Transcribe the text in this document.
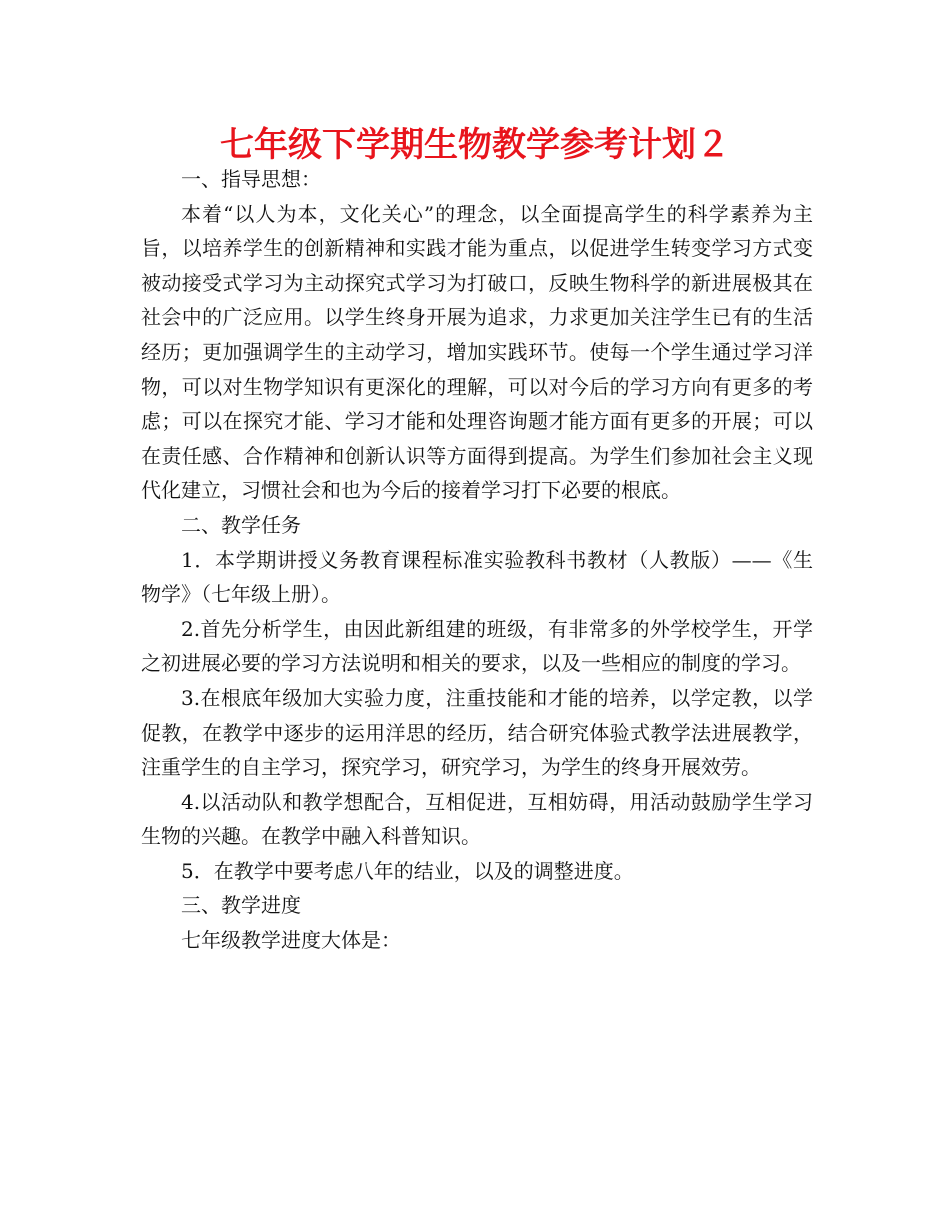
七年级下学期生物教学参考计划２

一、指导思想：

本着“以人为本，文化关心”的理念，以全面提高学生的科学素养为主旨，以培养学生的创新精神和实践才能为重点，以促进学生转变学习方式变被动接受式学习为主动探究式学习为打破口，反映生物科学的新进展极其在社会中的广泛应用。以学生终身开展为追求，力求更加关注学生已有的生活经历；更加强调学生的主动学习，增加实践环节。使每一个学生通过学习洋物，可以对生物学知识有更深化的理解，可以对今后的学习方向有更多的考虑；可以在探究才能、学习才能和处理咨询题才能方面有更多的开展；可以在责任感、合作精神和创新认识等方面得到提高。为学生们参加社会主义现代化建立，习惯社会和也为今后的接着学习打下必要的根底。

二、教学任务

1．本学期讲授义务教育课程标准实验教科书教材（人教版）——《生物学》（七年级上册）。

2.首先分析学生，由因此新组建的班级，有非常多的外学校学生，开学之初进展必要的学习方法说明和相关的要求，以及一些相应的制度的学习。

3.在根底年级加大实验力度，注重技能和才能的培养，以学定教，以学促教，在教学中逐步的运用洋思的经历，结合研究体验式教学法进展教学，注重学生的自主学习，探究学习，研究学习，为学生的终身开展效劳。

4.以活动队和教学想配合，互相促进，互相妨碍，用活动鼓励学生学习生物的兴趣。在教学中融入科普知识。

5．在教学中要考虑八年的结业，以及的调整进度。

三、教学进度

七年级教学进度大体是：
